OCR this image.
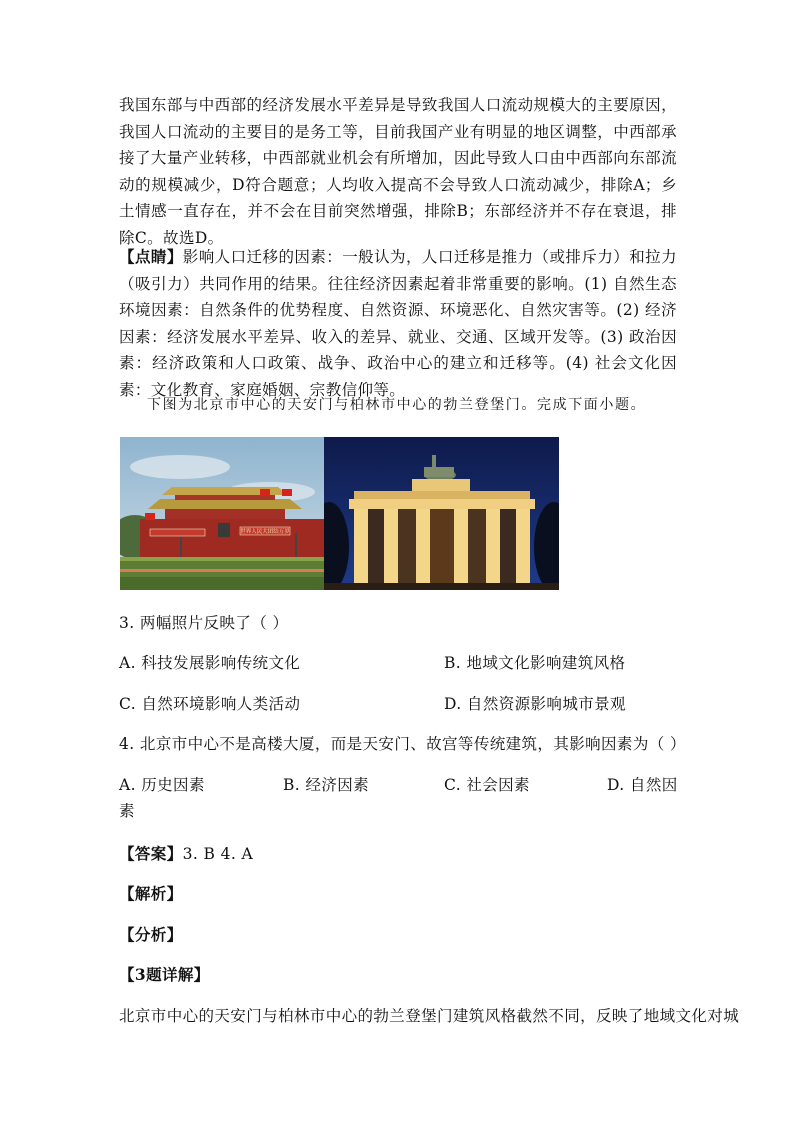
我国东部与中西部的经济发展水平差异是导致我国人口流动规模大的主要原因，我国人口流动的主要目的是务工等，目前我国产业有明显的地区调整，中西部承接了大量产业转移，中西部就业机会有所增加，因此导致人口由中西部向东部流动的规模减少，D符合题意；人均收入提高不会导致人口流动减少，排除A；乡土情感一直存在，并不会在目前突然增强，排除B；东部经济并不存在衰退，排除C。故选D。

【点睛】影响人口迁移的因素：一般认为，人口迁移是推力（或排斥力）和拉力（吸引力）共同作用的结果。往往经济因素起着非常重要的影响。(1) 自然生态环境因素：自然条件的优势程度、自然资源、环境恶化、自然灾害等。(2) 经济因素：经济发展水平差异、收入的差异、就业、交通、区域开发等。(3) 政治因素：经济政策和人口政策、战争、政治中心的建立和迁移等。(4) 社会文化因素：文化教育、家庭婚姻、宗教信仰等。

下图为北京市中心的天安门与柏林市中心的勃兰登堡门。完成下面小题。
世界人民大团结万岁
3. 两幅照片反映了（ ）
A. 科技发展影响传统文化	B. 地域文化影响建筑风格
C. 自然环境影响人类活动	D. 自然资源影响城市景观
4. 北京市中心不是高楼大厦，而是天安门、故宫等传统建筑，其影响因素为（ ）
A. 历史因素	B. 经济因素	C. 社会因素	D. 自然因
素
【答案】3. B 4. A
【解析】
【分析】
【3题详解】
北京市中心的天安门与柏林市中心的勃兰登堡门建筑风格截然不同，反映了地域文化对城
